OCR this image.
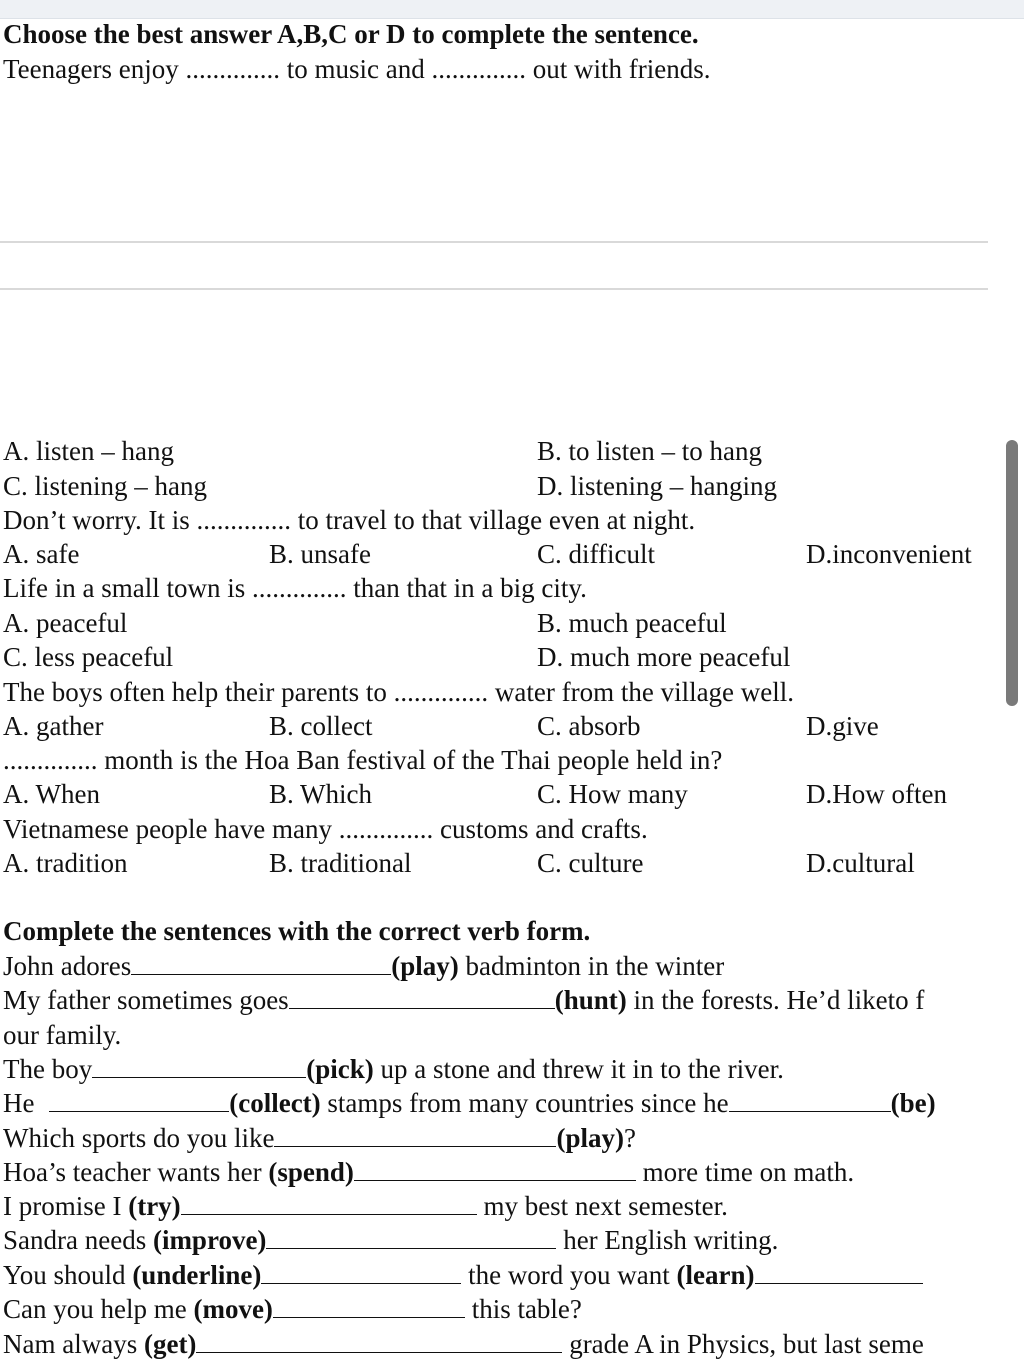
Choose the best answer A,B,C or D to complete the sentence.
Teenagers enjoy .............. to music and .............. out with friends.
A. listen – hang	B. to listen – to hang
C. listening – hang	D. listening – hanging
Don’t worry. It is .............. to travel to that village even at night.
A. safe	B. unsafe	C. difficult	D.inconvenient
Life in a small town is .............. than that in a big city.
A. peaceful	B. much peaceful
C. less peaceful	D. much more peaceful
The boys often help their parents to .............. water from the village well.
A. gather	B. collect	C. absorb	D.give
.............. month is the Hoa Ban festival of the Thai people held in?
A. When	B. Which	C. How many	D.How often
Vietnamese people have many .............. customs and crafts.
A. tradition	B. traditional	C. culture	D.cultural
Complete the sentences with the correct verb form.
John adores	(play) badminton in the winter
My father sometimes goes	(hunt) in the forests. He’d liketo f
our family.
The boy	(pick) up a stone and threw it in to the river.
He	(collect) stamps from many countries since he	(be)
Which sports do you like	(play)?
Hoa’s teacher wants her (spend)	more time on math.
I promise I (try)	my best next semester.
Sandra needs (improve)	her English writing.
You should (underline)	the word you want (learn)
Can you help me (move)	this table?
Nam always (get)	grade A in Physics, but last seme
